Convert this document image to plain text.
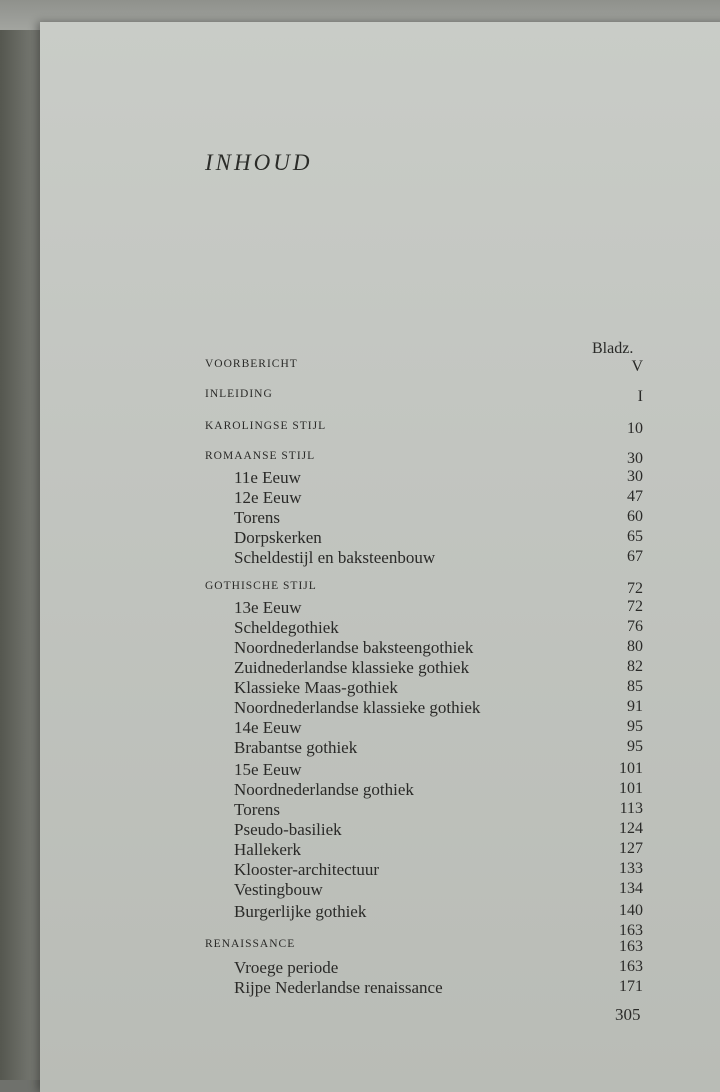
INHOUD
Bladz.
VOORBERICHT	V
INLEIDING	I
KAROLINGSE STIJL	10
ROMAANSE STIJL	30
11e Eeuw	30
12e Eeuw	47
Torens	60
Dorpskerken	65
Scheldestijl en baksteenbouw	67
GOTHISCHE STIJL	72
13e Eeuw	72
Scheldegothiek	76
Noordnederlandse baksteengothiek	80
Zuidnederlandse klassieke gothiek	82
Klassieke Maas-gothiek	85
Noordnederlandse klassieke gothiek	91
14e Eeuw	95
Brabantse gothiek	95
15e Eeuw	101
Noordnederlandse gothiek	101
Torens	113
Pseudo-basiliek	124
Hallekerk	127
Klooster-architectuur	133
Vestingbouw	134
Burgerlijke gothiek	140
163
RENAISSANCE	163
Vroege periode	163
Rijpe Nederlandse renaissance	171
305
